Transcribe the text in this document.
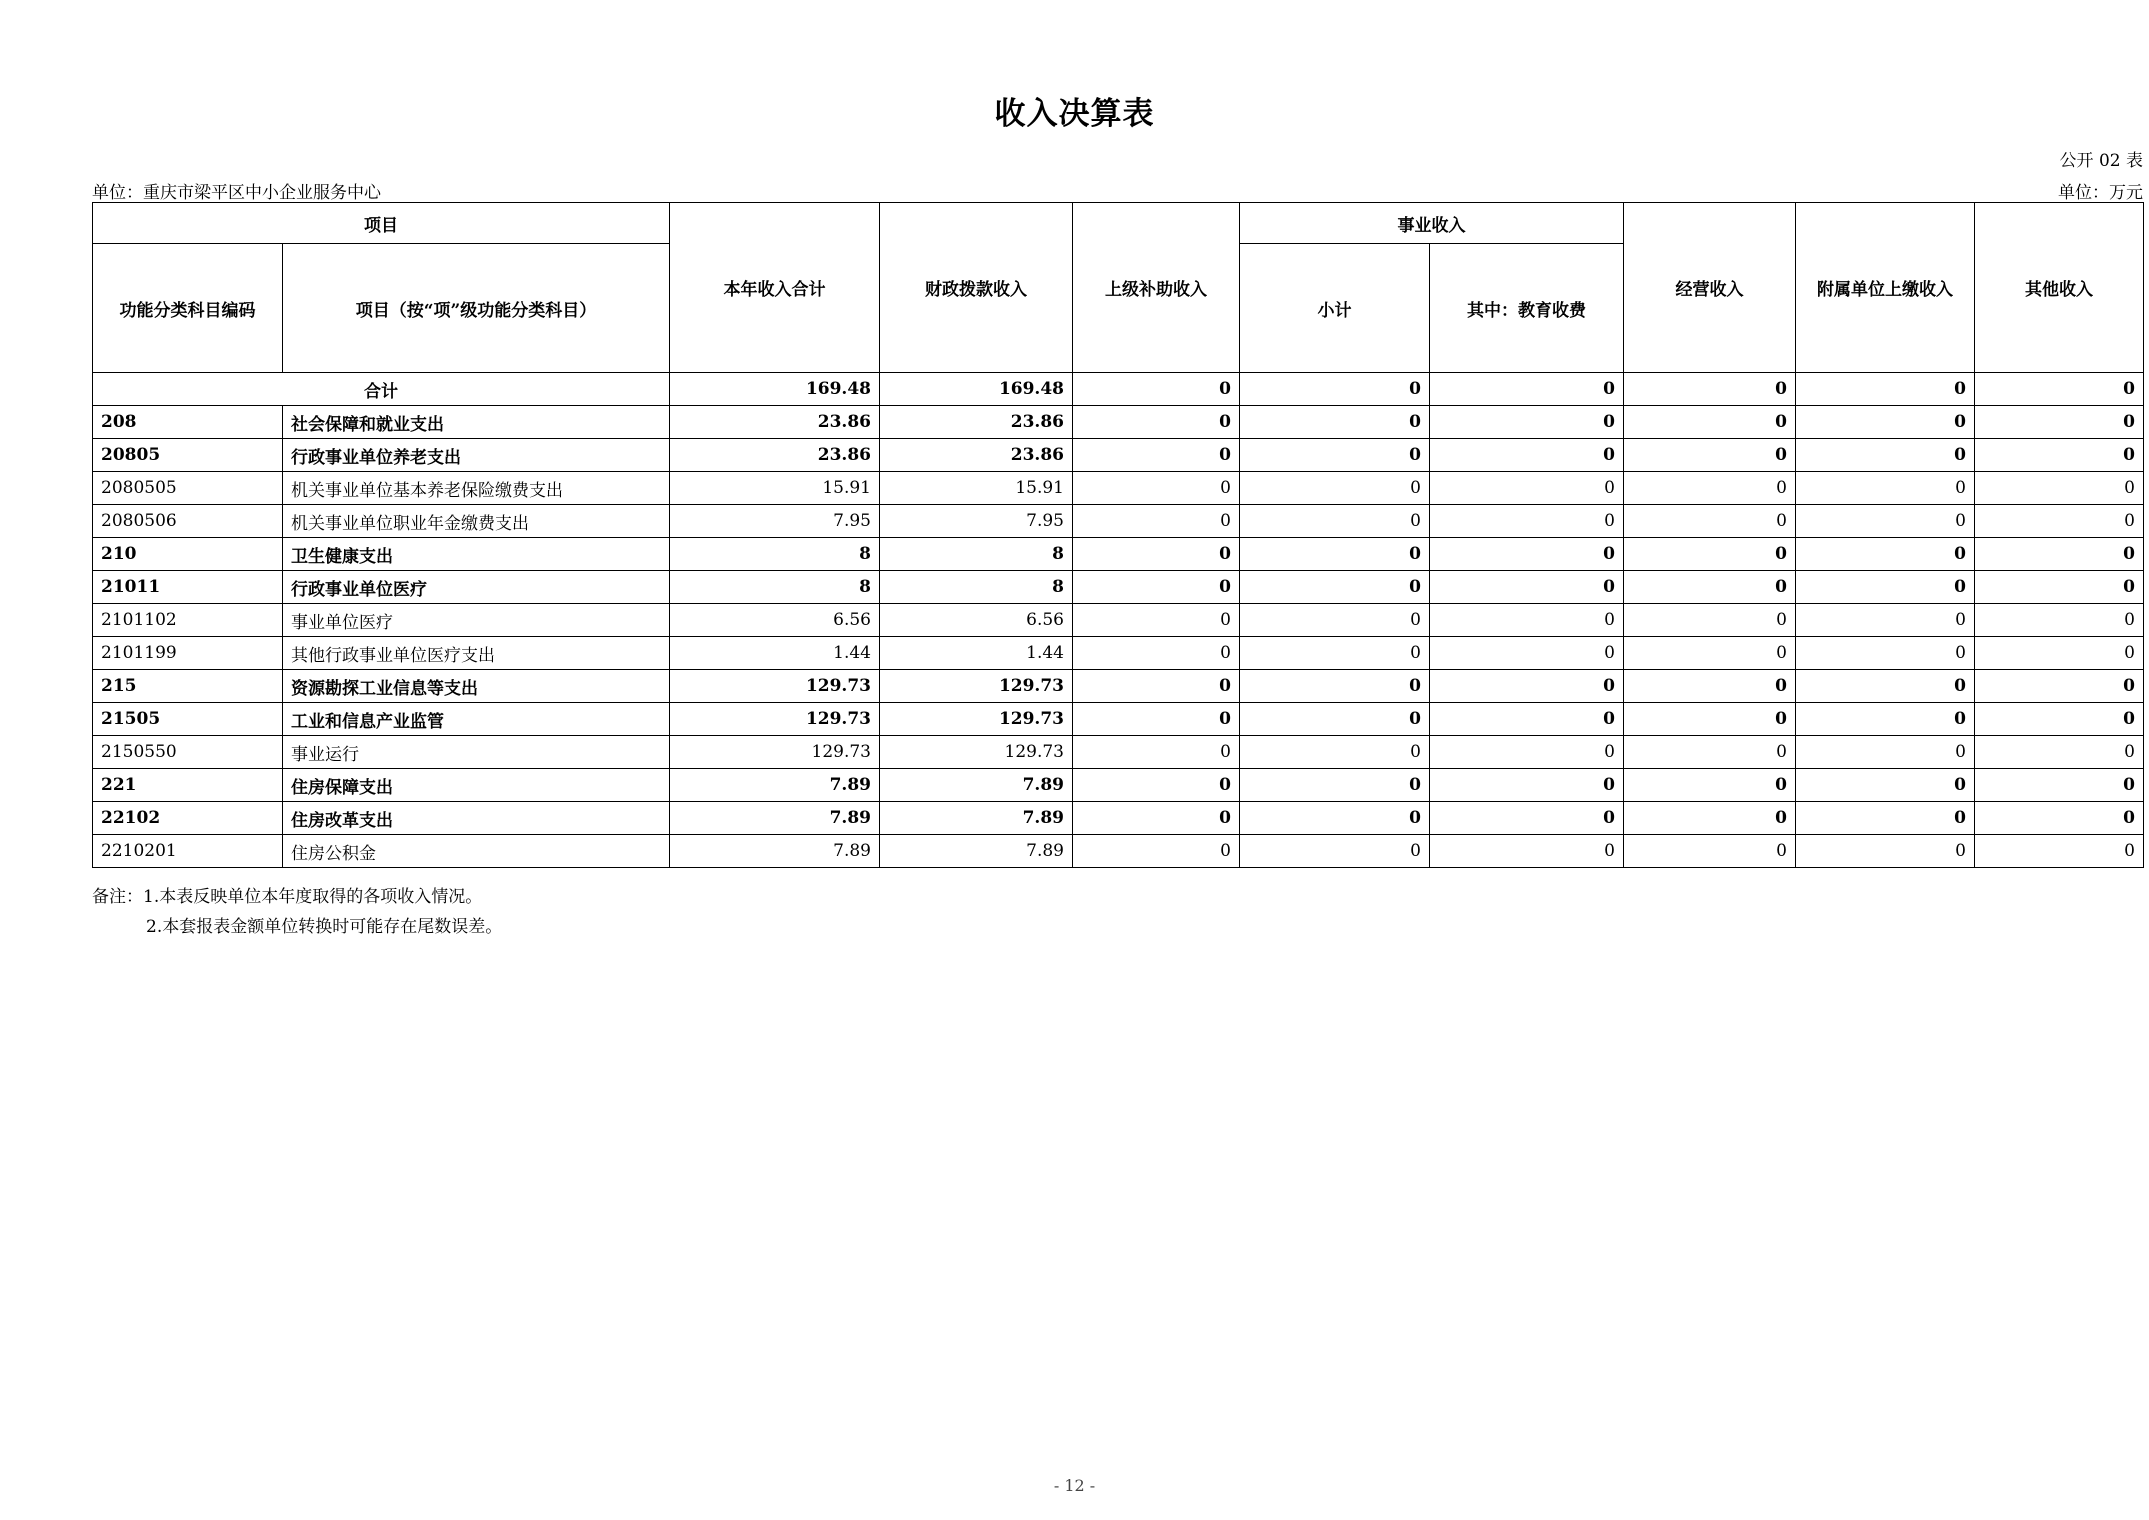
收入决算表
公开 02 表
单位：重庆市梁平区中小企业服务中心	单位：万元
项目		本年收入合计	财政拨款收入	上级补助收入	事业收入		经营收入	附属单位上缴收入	其他收入
功能分类科目编码	项目（按“项”级功能分类科目）				小计	其中：教育收费			
合计		169.48	169.48	0	0	0	0	0	0
208	社会保障和就业支出	23.86	23.86	0	0	0	0	0	0
20805	行政事业单位养老支出	23.86	23.86	0	0	0	0	0	0
2080505	机关事业单位基本养老保险缴费支出	15.91	15.91	0	0	0	0	0	0
2080506	机关事业单位职业年金缴费支出	7.95	7.95	0	0	0	0	0	0
210	卫生健康支出	8	8	0	0	0	0	0	0
21011	行政事业单位医疗	8	8	0	0	0	0	0	0
2101102	事业单位医疗	6.56	6.56	0	0	0	0	0	0
2101199	其他行政事业单位医疗支出	1.44	1.44	0	0	0	0	0	0
215	资源勘探工业信息等支出	129.73	129.73	0	0	0	0	0	0
21505	工业和信息产业监管	129.73	129.73	0	0	0	0	0	0
2150550	事业运行	129.73	129.73	0	0	0	0	0	0
221	住房保障支出	7.89	7.89	0	0	0	0	0	0
22102	住房改革支出	7.89	7.89	0	0	0	0	0	0
2210201	住房公积金	7.89	7.89	0	0	0	0	0	0
备注：1.本表反映单位本年度取得的各项收入情况。
2.本套报表金额单位转换时可能存在尾数误差。
- 12 -
